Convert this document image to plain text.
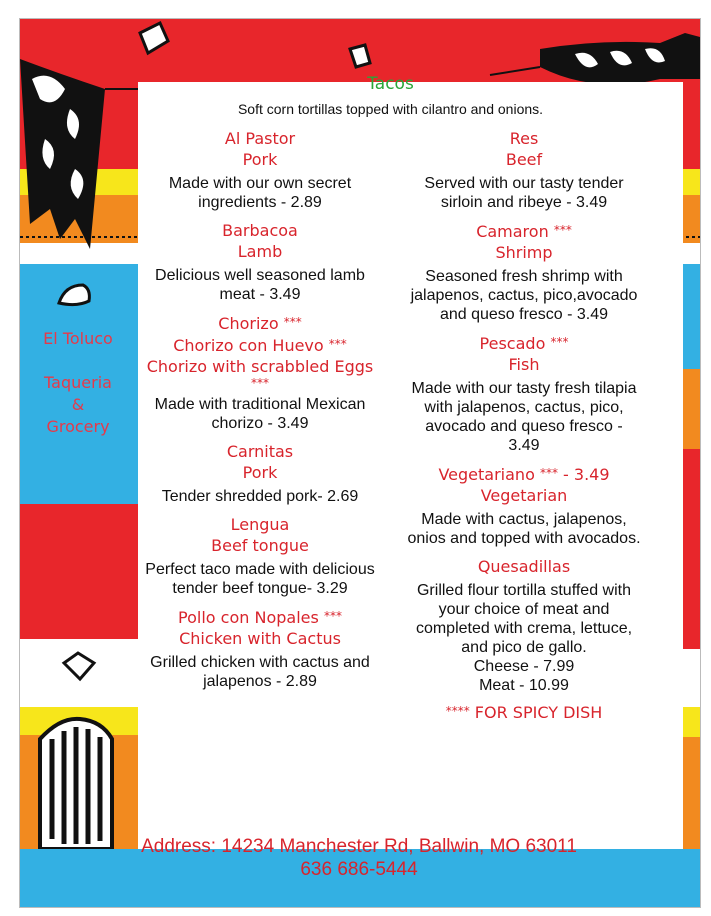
El Toluco
Taqueria
&
Grocery
Tacos
Soft corn tortillas topped with cilantro and onions.
Al Pastor
Pork
Made with our own secret
ingredients - 2.89
Barbacoa
Lamb
Delicious well seasoned lamb
meat - 3.49
Chorizo ***
Chorizo con Huevo ***
Chorizo with scrabbled Eggs
***
Made with traditional Mexican
chorizo - 3.49
Carnitas
Pork
Tender shredded pork- 2.69
Lengua
Beef tongue
Perfect taco made with delicious
tender beef tongue- 3.29
Pollo con Nopales ***
Chicken with Cactus
Grilled chicken with cactus and
jalapenos - 2.89
Res
Beef
Served with our tasty tender
sirloin and ribeye - 3.49
Camaron ***
Shrimp
Seasoned fresh shrimp with
jalapenos, cactus, pico,avocado
and queso fresco - 3.49
Pescado ***
Fish
Made with our tasty fresh tilapia
with jalapenos, cactus, pico,
avocado and queso fresco -
3.49
Vegetariano *** - 3.49
Vegetarian
Made with cactus, jalapenos,
onios and topped with avocados.
Quesadillas
Grilled flour tortilla stuffed with
your choice of meat and
completed with crema, lettuce,
and pico de gallo.
Cheese - 7.99
Meat - 10.99
**** FOR SPICY DISH
Address: 14234 Manchester Rd, Ballwin, MO 63011
636 686-5444
